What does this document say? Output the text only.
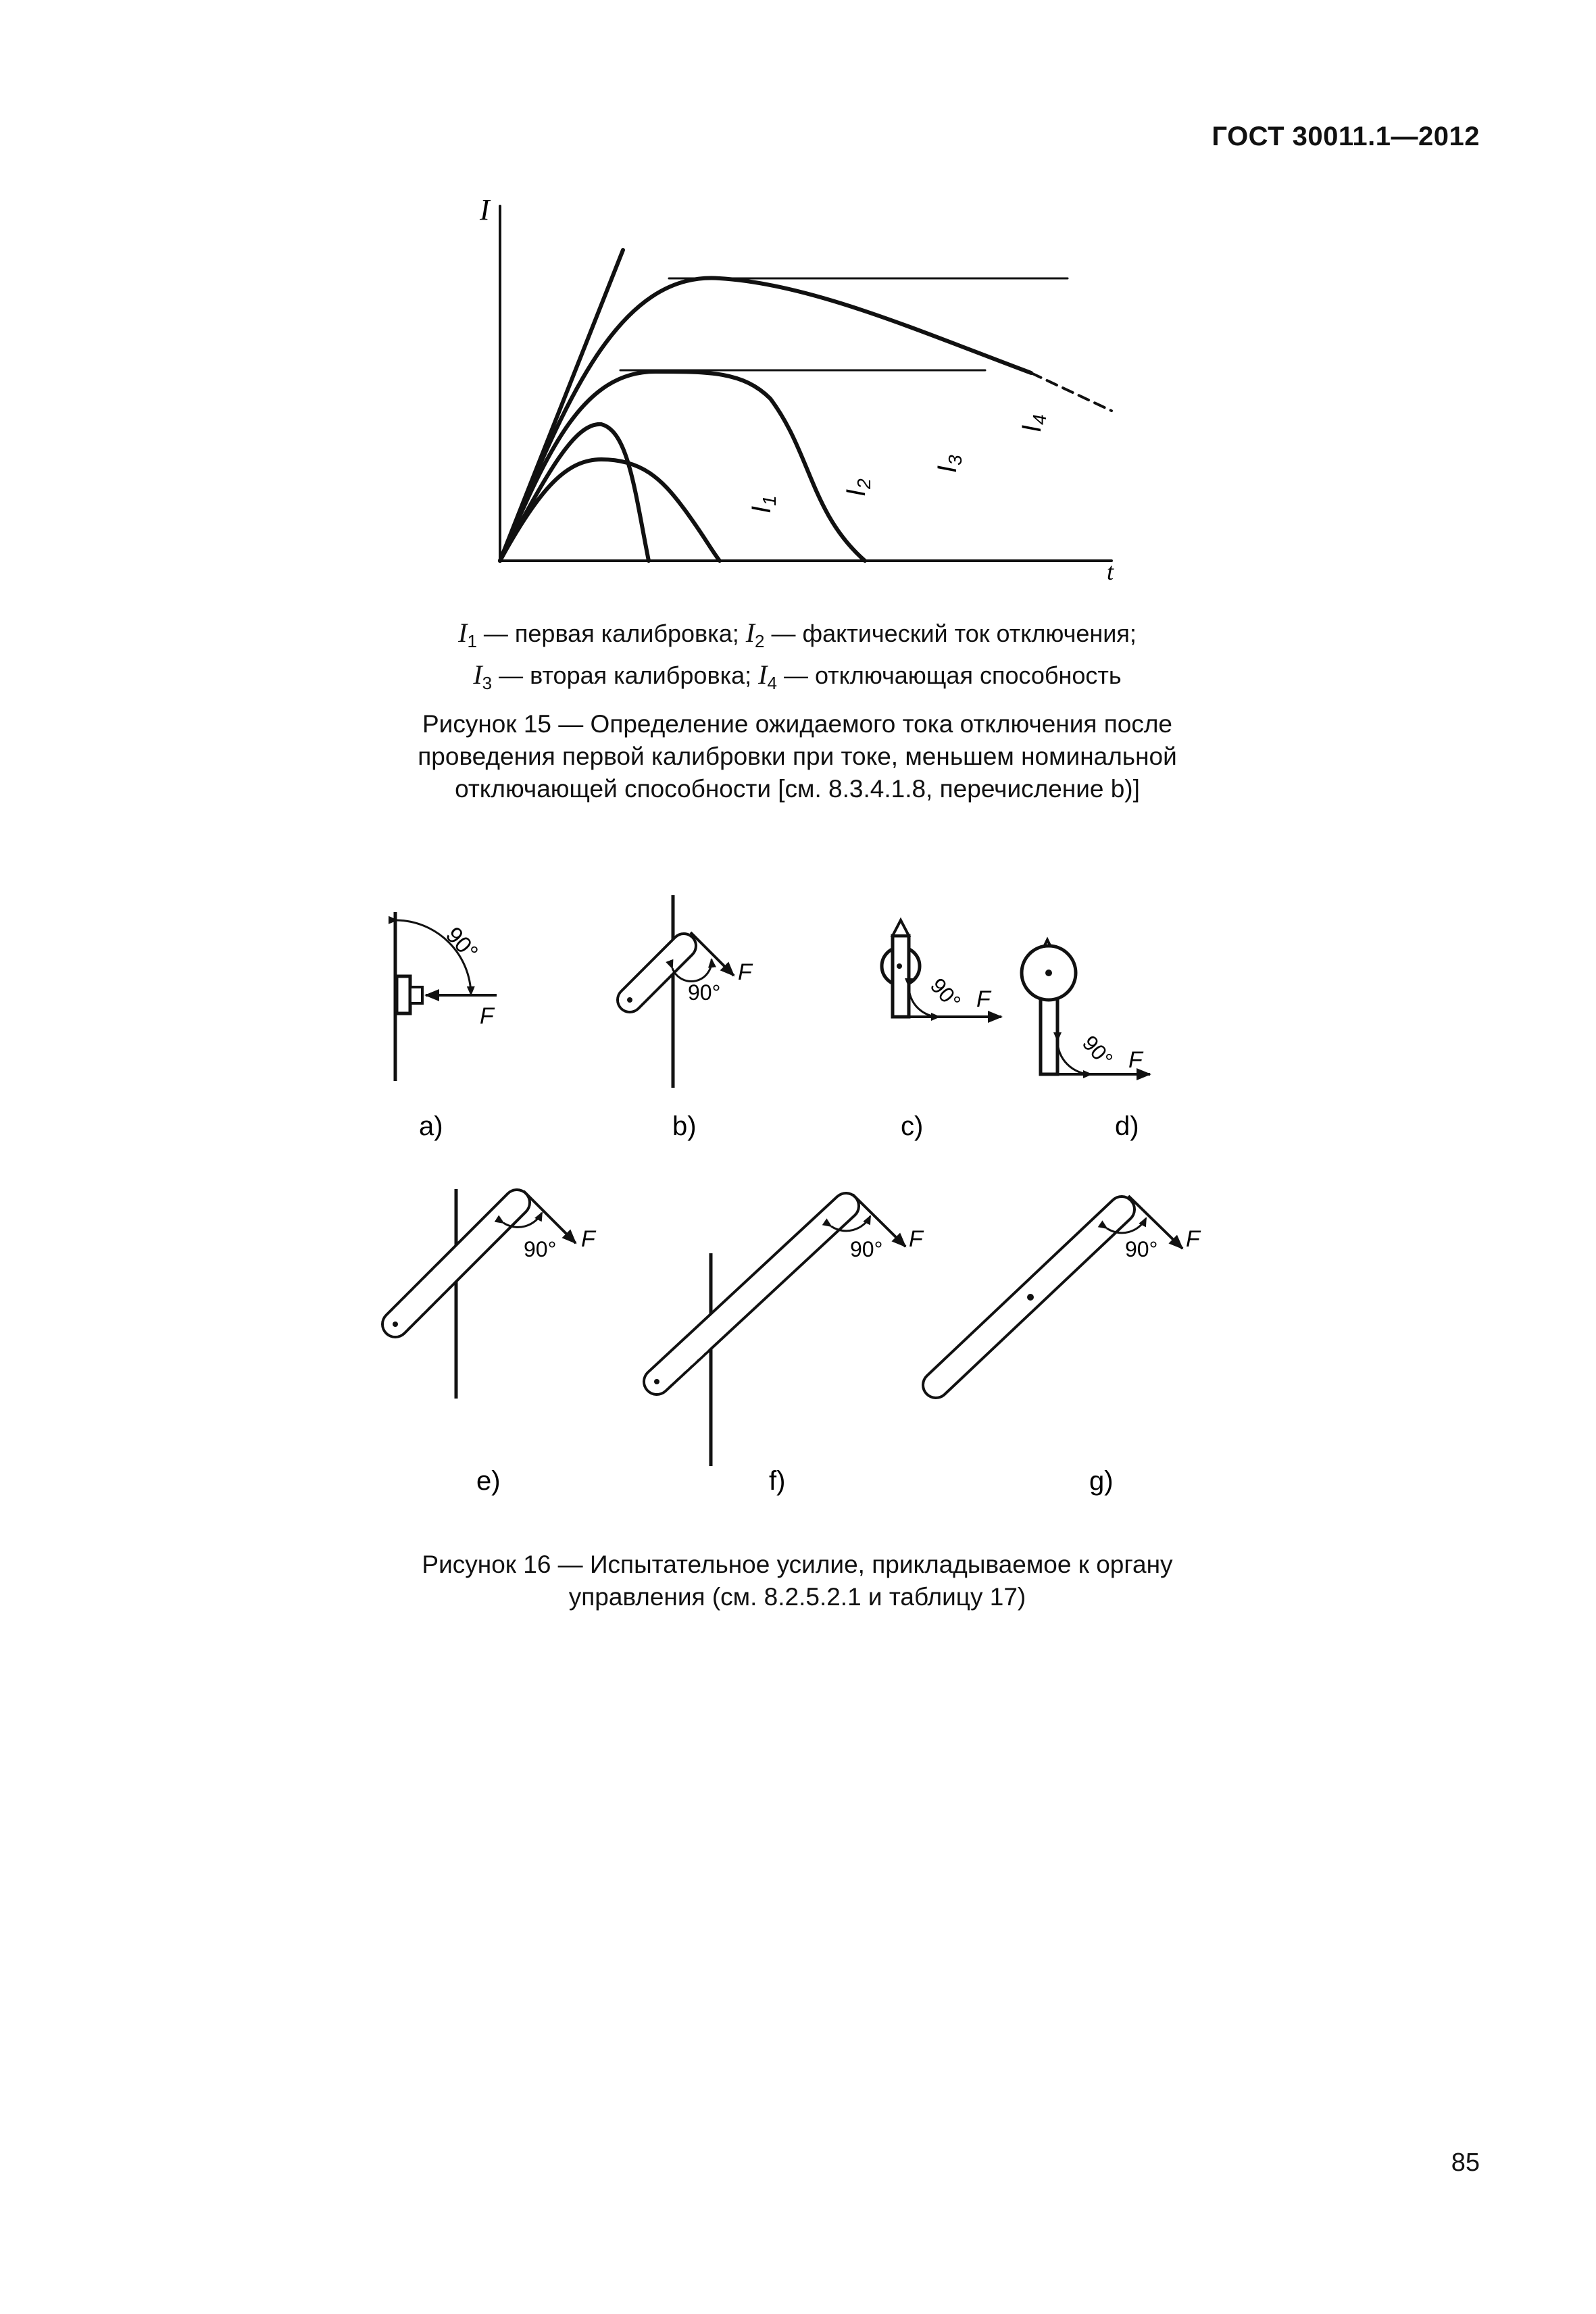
ГОСТ 30011.1—2012
I
t
$I_1$
$I_2$
$I_3$
$I_4$
$I_1$ — первая калибровка; $I_2$ — фактический ток отключения;
$I_3$ — вторая калибровка; $I_4$ — отключающая способность
Рисунок 15 — Определение ожидаемого тока отключения после
проведения первой калибровки при токе, меньшем номинальной
отключающей способности [см. 8.3.4.1.8, перечисление b)]
90°
F
a)
90°
F
b)
90° F
c)
90° F
d)
90° F
e)
90° F
f)
90° F
g)
Рисунок 16 — Испытательное усилие, прикладываемое к органу
управления (см. 8.2.5.2.1 и таблицу 17)
85
